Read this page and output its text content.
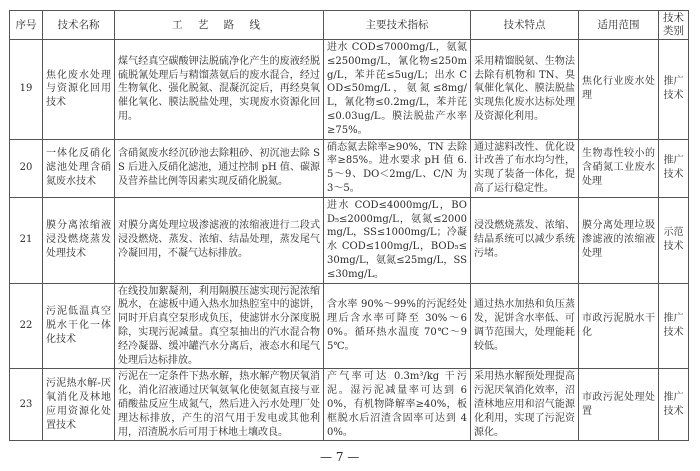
序号	技术名称	工 艺 路 线	主要技术指标	技术特点	适用范围	技术类别
19	焦化废水处理与资源化回用技术	煤气经真空碳酸钾法脱硫净化产生的废液经脱硫脱氰处理后与精馏蒸氨后的废水混合，经过生物氧化、强化脱氮、混凝沉淀后，再经臭氧催化氧化、膜法脱盐处理，实现废水资源化回用。	进水 COD≤7000mg/L，氨氮≤2500mg/L，氰化物≤250mg/L，苯并芘≤5ug/L；出水 COD≤50mg/L，氨氮≤8mg/L，氰化物≤0.2mg/L，苯并芘≤0.03ug/L。膜法脱盐产水率≥75%。	采用精馏脱氨、生物法去除有机物和 TN、臭氧催化氧化、膜法脱盐实现焦化废水达标处理及资源化利用。	焦化行业废水处理	推广技术
20	一体化反硝化滤池处理含硝氮废水技术	含硝氮废水经沉砂池去除粗砂、初沉池去除 SS 后进入反硝化滤池，通过控制 pH 值、碳源及营养盐比例等因素实现反硝化脱氮。	硝态氮去除率≥90%，TN 去除率≥85%。进水要求 pH 值 6.5～9、DO＜2mg/L、C/N 为 3～5。	通过滤料改性、优化设计改善了布水均匀性，实现了装备一体化，提高了运行稳定性。	生物毒性较小的含硝氮工业废水处理	推广技术
21	膜分离浓缩液浸没燃烧蒸发处理技术	对膜分离处理垃圾渗滤液的浓缩液进行二段式浸没燃烧、蒸发、浓缩、结晶处理，蒸发尾气冷凝回用，不凝气达标排放。	进水 COD≤4000mg/L，BOD₅≤2000mg/L，氨氮≤2000mg/L，SS≤1000mg/L；冷凝水 COD≤100mg/L，BOD₅≤30mg/L，氨氮≤25mg/L，SS≤30mg/L。	浸没燃烧蒸发、浓缩、结晶系统可以减少系统污堵。	膜分离处理垃圾渗滤液的浓缩液处理	示范技术
22	污泥低温真空脱水干化一体化技术	在线投加絮凝剂，利用隔膜压滤实现污泥浓缩脱水，在滤板中通入热水加热腔室中的滤饼，同时开启真空泵形成负压，使滤饼水分深度脱除，实现污泥减量。真空泵抽出的汽水混合物经冷凝器、缓冲罐汽水分离后，液态水和尾气处理后达标排放。	含水率 90%～99%的污泥经处理后含水率可降至 30%～60%。循环热水温度 70℃～95℃。	通过热水加热和负压蒸发，泥饼含水率低、可调节范围大，处理能耗较低。	市政污泥脱水干化	推广技术
23	污泥热水解-厌氧消化及林地应用资源化处置技术	污泥在一定条件下热水解，热水解产物厌氧消化，消化沼液通过厌氧氨氧化使氨氮直接与亚硝酸盐反应生成氮气，然后进入污水处理厂处理达标排放，产生的沼气用于发电或其他利用，沼渣脱水后可用于林地土壤改良。	产气率可达 0.3m³/kg 干污泥。湿污泥减量率可达到 60%，有机物降解率≥40%，板框脱水后沼渣含固率可达到 40%。	采用热水解预处理提高污泥厌氧消化效率，沼渣林地应用和沼气能源化利用，实现了污泥资源化。	市政污泥处理处置	推广技术
— 7 —
